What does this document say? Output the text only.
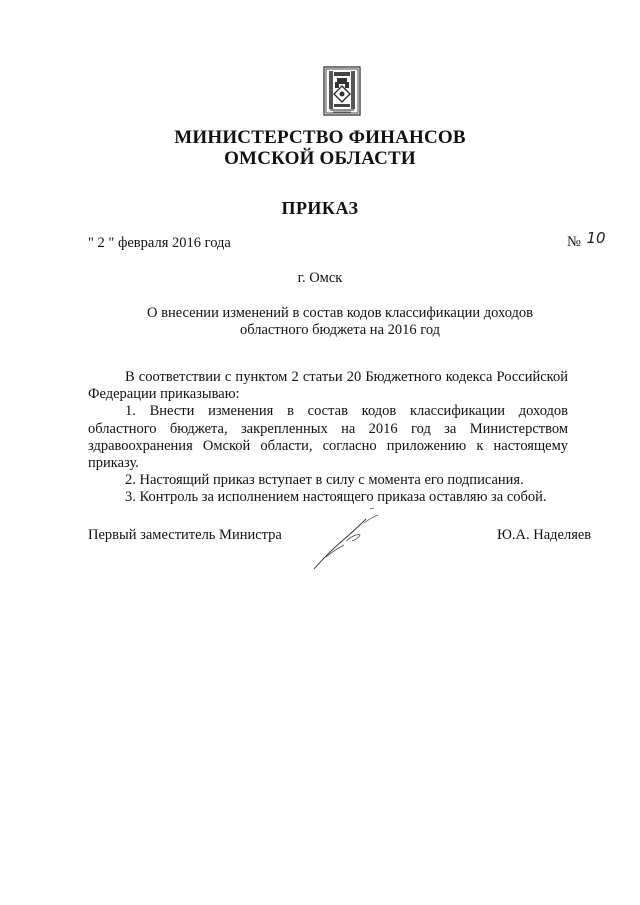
МИНИСТЕРСТВО ФИНАНСОВ
ОМСКОЙ ОБЛАСТИ
ПРИКАЗ
" 2 " февраля 2016 года	№ 10
г. Омск
О внесении изменений в состав кодов классификации доходов
областного бюджета на 2016 год

В соответствии с пунктом 2 статьи 20 Бюджетного кодекса Российской Федерации приказываю:

1. Внести изменения в состав кодов классификации доходов областного бюджета, закрепленных на 2016 год за Министерством здравоохранения Омской области, согласно приложению к настоящему приказу.

2. Настоящий приказ вступает в силу с момента его подписания.

3. Контроль за исполнением настоящего приказа оставляю за собой.

Первый заместитель Министра	Ю.А. Наделяев
